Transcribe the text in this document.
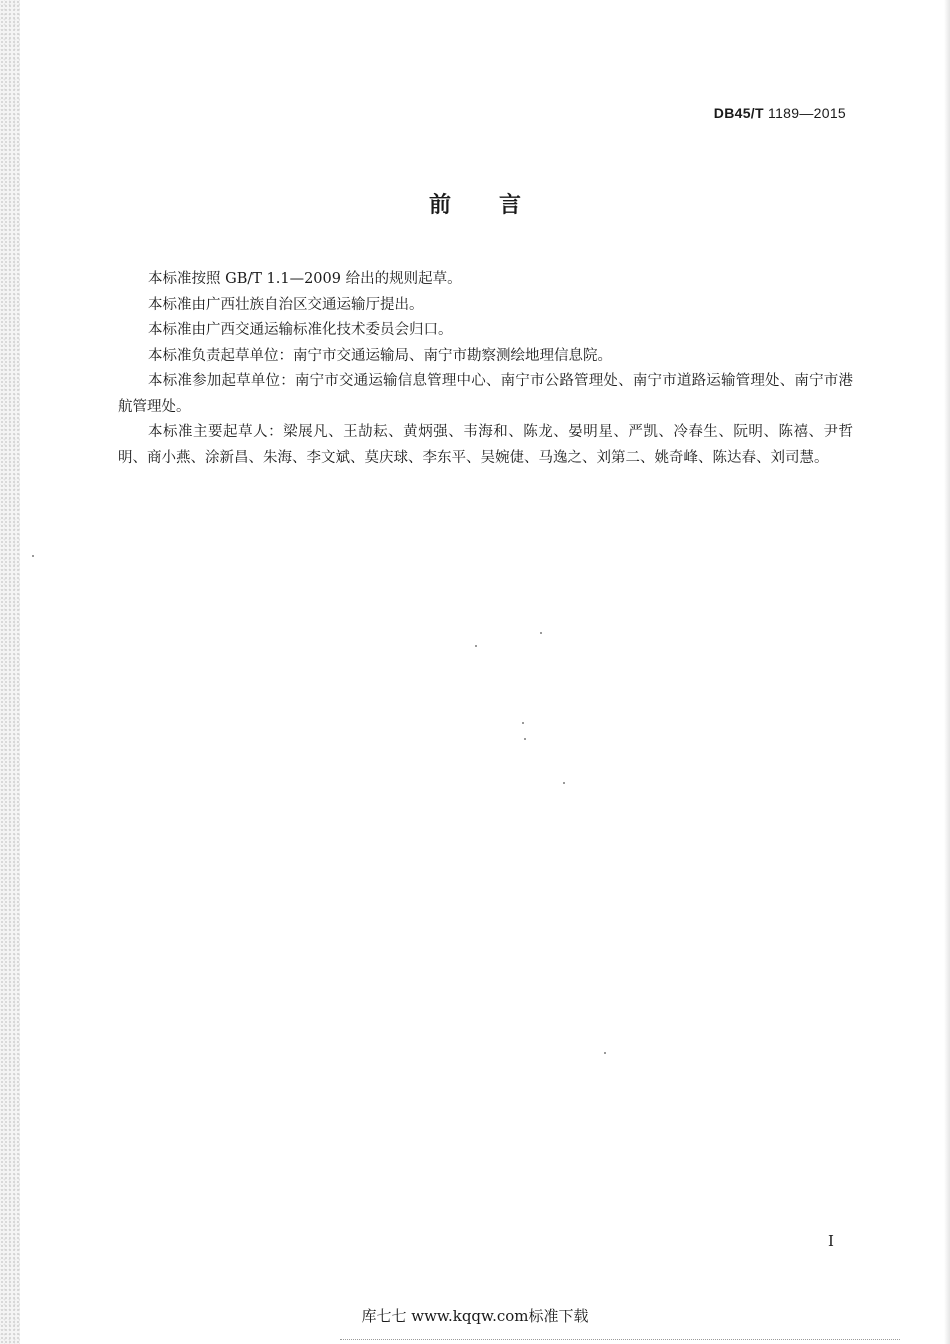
DB45/T 1189—2015
前 言

本标准按照 GB/T 1.1—2009 给出的规则起草。

本标准由广西壮族自治区交通运输厅提出。

本标准由广西交通运输标准化技术委员会归口。

本标准负责起草单位：南宁市交通运输局、南宁市勘察测绘地理信息院。

本标准参加起草单位：南宁市交通运输信息管理中心、南宁市公路管理处、南宁市道路运输管理处、南宁市港航管理处。

本标准主要起草人：梁展凡、王劼耘、黄炳强、韦海和、陈龙、晏明星、严凯、冷春生、阮明、陈禧、尹哲明、商小燕、涂新昌、朱海、李文斌、莫庆球、李东平、吴婉倢、马逸之、刘第二、姚奇峰、陈达春、刘司慧。

I
库七七 www.kqqw.com标准下载
